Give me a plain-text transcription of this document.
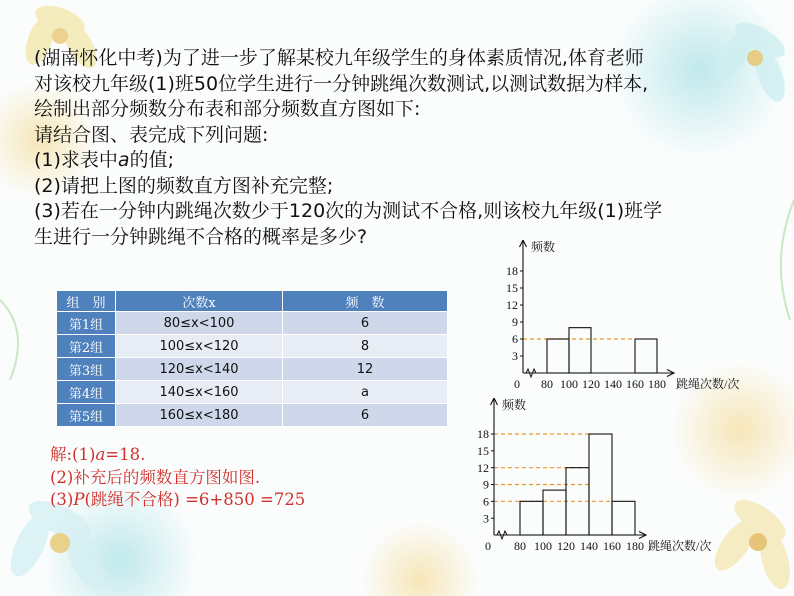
(湖南怀化中考)为了进一步了解某校九年级学生的身体素质情况,体育老师
对该校九年级(1)班50位学生进行一分钟跳绳次数测试,以测试数据为样本,
绘制出部分频数分布表和部分频数直方图如下:
请结合图、表完成下列问题:
(1)求表中a的值;
(2)请把上图的频数直方图补充完整;
(3)若在一分钟内跳绳次数少于120次的为测试不合格,则该校九年级(1)班学
生进行一分钟跳绳不合格的概率是多少?
组　别	次数x	频　数
第1组	80≤x<100	6
第2组	100≤x<120	8
第3组	120≤x<140	12
第4组	140≤x<160	a
第5组	160≤x<180	6
解:(1)a=18.
(2)补充后的频数直方图如图.
(3)P(跳绳不合格) =6+850 =725
3
6
9
12
15
18
0 80 100 120 140 160 180
频数
跳绳次数/次
3
6
9
12
15
18
0 80 100 120 140 160 180
频数
跳绳次数/次
